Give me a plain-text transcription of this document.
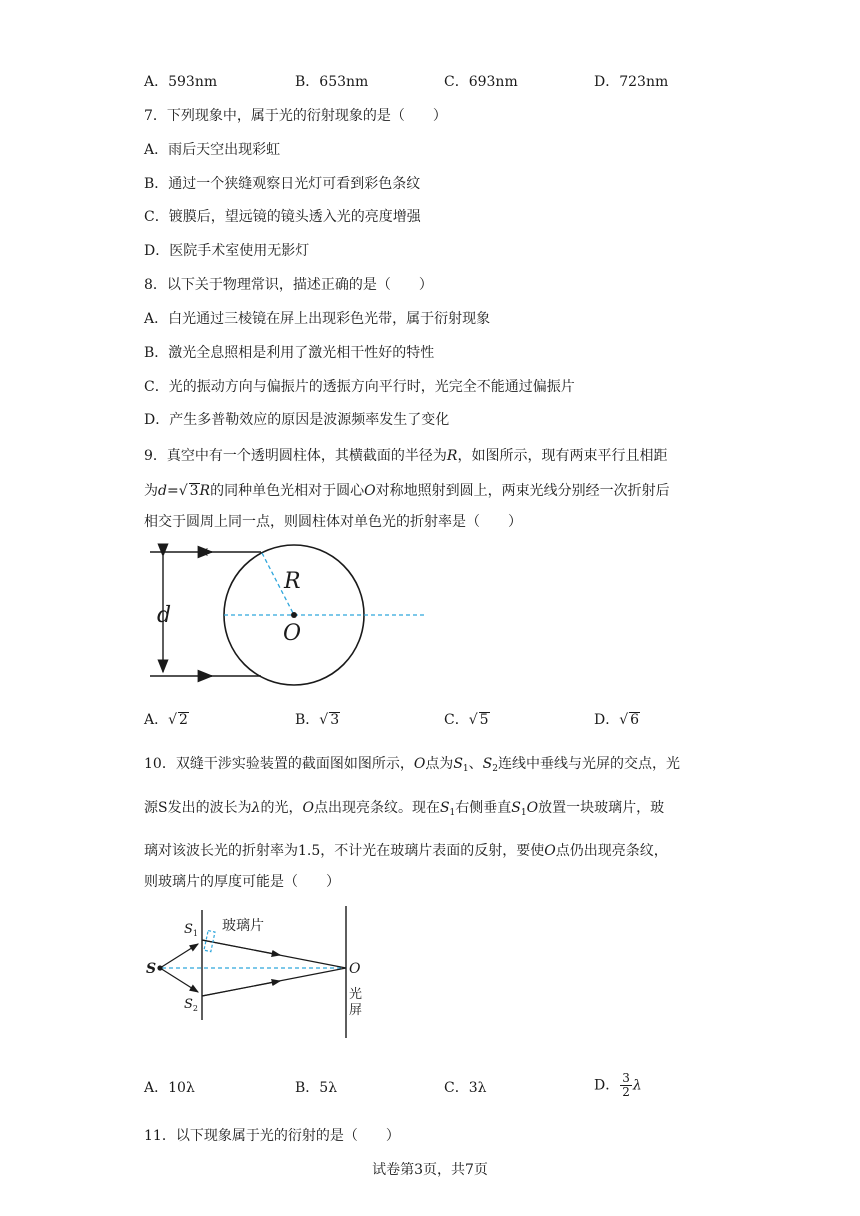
A．593nm	B．653nm	C．693nm	D．723nm
7．下列现象中，属于光的衍射现象的是（　　）
A．雨后天空出现彩虹
B．通过一个狭缝观察日光灯可看到彩色条纹
C．镀膜后，望远镜的镜头透入光的亮度增强
D．医院手术室使用无影灯
8．以下关于物理常识，描述正确的是（　　）
A．白光通过三棱镜在屏上出现彩色光带，属于衍射现象
B．激光全息照相是利用了激光相干性好的特性
C．光的振动方向与偏振片的透振方向平行时，光完全不能通过偏振片
D．产生多普勒效应的原因是波源频率发生了变化
9．真空中有一个透明圆柱体，其横截面的半径为R，如图所示，现有两束平行且相距
为d=√ 3R的同种单色光相对于圆心O对称地照射到圆上，两束光线分别经一次折射后
相交于圆周上同一点，则圆柱体对单色光的折射率是（　　）
R
O
d
A．√ 2	B．√ 3	C．√ 5	D．√ 6
10．双缝干涉实验装置的截面图如图所示，O点为$S_1$、$S_2$连线中垂线与光屏的交点，光
源S发出的波长为λ的光，O点出现亮条纹。现在$S_1$右侧垂直$S_1O$放置一块玻璃片，玻
璃对该波长光的折射率为1.5，不计光在玻璃片表面的反射，要使O点仍出现亮条纹，
则玻璃片的厚度可能是（　　）
玻璃片
S
$S_1$
$S_2$
O
光
屏
A．10λ	B．5λ	C．3λ	D． $\frac{3}{2}$ λ
11．以下现象属于光的衍射的是（　　）
试卷第3页，共7页
